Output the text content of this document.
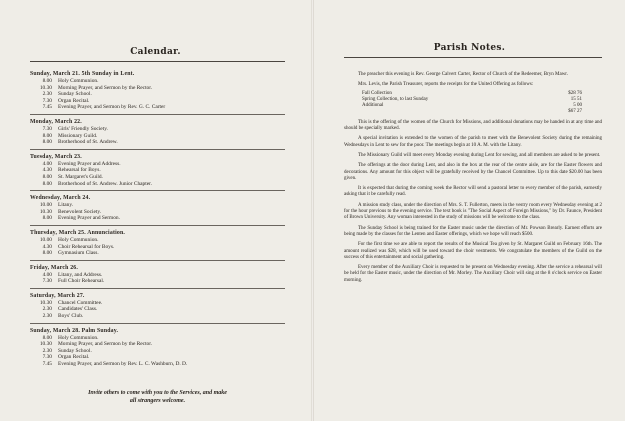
Calendar.
Sunday, March 21. 5th Sunday in Lent.
8.00 Holy Communion.
10.30 Morning Prayer, and Sermon by the Rector.
2.30 Sunday School.
7.30 Organ Recital.
7.45 Evening Prayer, and Sermon by Rev. G. C. Carter
Monday, March 22.
7.30 Girls' Friendly Society.
8.00 Missionary Guild.
8.00 Brotherhood of St. Andrew.
Tuesday, March 23.
4.00 Evening Prayer and Address.
4.30 Rehearsal for Boys.
8.00 St. Margaret's Guild.
8.00 Brotherhood of St. Andrew. Junior Chapter.
Wednesday, March 24.
10.00 Litany.
10.30 Benevolent Society.
8.00 Evening Prayer and Sermon.
Thursday, March 25. Annunciation.
10.00 Holy Communion.
4.30 Choir Rehearsal for Boys.
8.00 Gymnasium Class.
Friday, March 26.
4.00 Litany, and Address.
7.30 Full Choir Rehearsal.
Saturday, March 27.
10.30 Chancel Committee.
2.30 Candidates' Class.
2.30 Boys' Club.
Sunday, March 28. Palm Sunday.
8.00 Holy Communion.
10.30 Morning Prayer, and Sermon by the Rector.
2.30 Sunday School.
7.30 Organ Recital.
7.45 Evening Prayer, and Sermon by Rev. L. C. Washburn, D. D.
Invite others to come with you to the Services, and make
all strangers welcome.
Parish Notes.

The preacher this evening is Rev. George Calvert Carter, Rector of Church of the Redeemer, Bryn Mawr.

Mrs. Levis, the Parish Treasurer, reports the receipts for the United Offering as follows:

Fall Collection	$28 76
Spring Collection, to last Sunday	15 51
Additional	5 00
$67 27

This is the offering of the women of the Church for Missions, and additional donations may be handed in at any time and should be specially marked.

A special invitation is extended to the women of the parish to meet with the Benevolent Society during the remaining Wednesdays in Lent to sew for the poor. The meetings begin at 10 A. M. with the Litany.

The Missionary Guild will meet every Monday evening during Lent for sewing, and all members are asked to be present.

The offerings at the door during Lent, and also in the box at the rear of the centre aisle, are for the Easter flowers and decorations. Any amount for this object will be gratefully received by the Chancel Committee. Up to this date $20.00 has been given.

It is expected that during the coming week the Rector will send a pastoral letter to every member of the parish, earnestly asking that it be carefully read.

A mission study class, under the direction of Mrs. S. T. Fullerton, meets in the vestry room every Wednesday evening at 2 for the hour previous to the evening service. The text book is "The Social Aspect of Foreign Missions," by Dr. Faunce, President of Brown University. Any woman interested in the study of missions will be welcome to the class.

The Sunday School is being trained for the Easter music under the direction of Mr. Powson Brearly. Earnest efforts are being made by the classes for the Lenten and Easter offerings, which we hope will reach $500.

For the first time we are able to report the results of the Musical Tea given by St. Margaret Guild on February 16th. The amount realized was $28, which will be used toward the choir vestments. We congratulate the members of the Guild on the success of this entertainment and social gathering.

Every member of the Auxiliary Choir is requested to be present on Wednesday evening. After the service a rehearsal will be held for the Easter music, under the direction of Mr. Morley. The Auxiliary Choir will sing at the 8 o'clock service on Easter morning.
